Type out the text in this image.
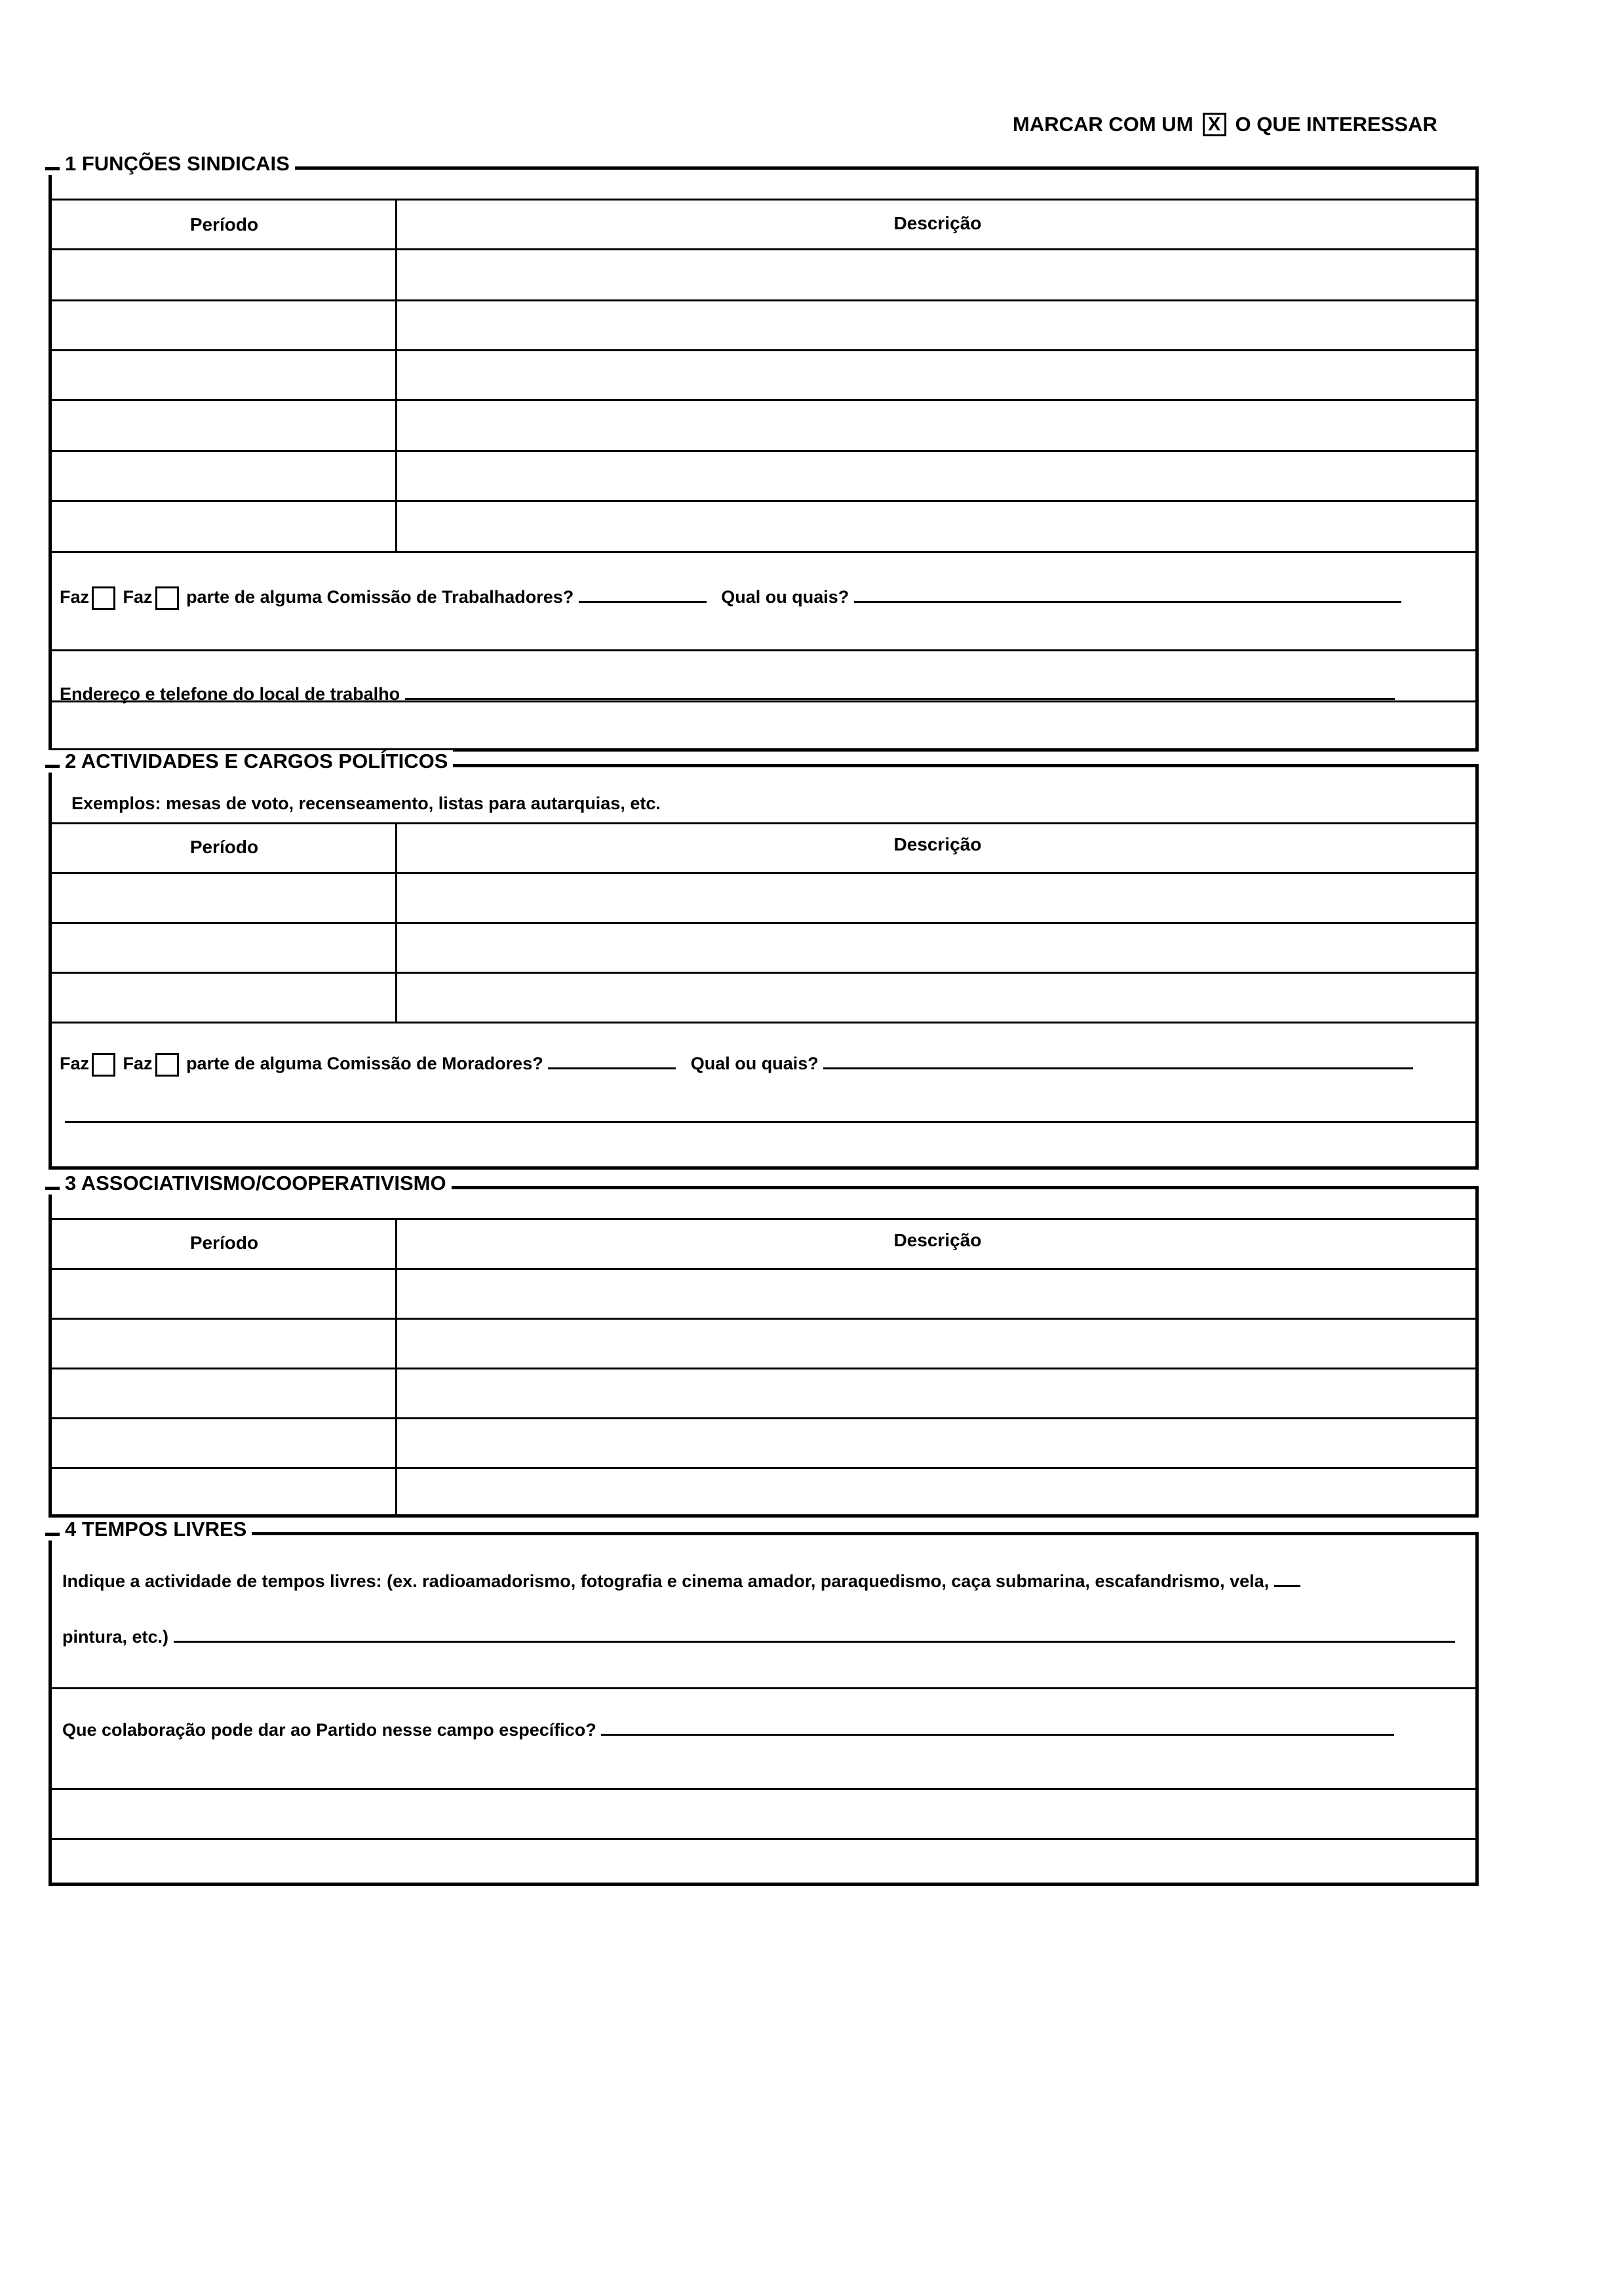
MARCAR COM UM X O QUE INTERESSAR
1 FUNÇÕES SINDICAIS
Período	Descrição
Faz Faz parte de alguma Comissão de Trabalhadores?	Qual ou quais?
Endereço e telefone do local de trabalho
2 ACTIVIDADES E CARGOS POLÍTICOS
Exemplos: mesas de voto, recenseamento, listas para autarquias, etc.
Período	Descrição
Faz Faz parte de alguma Comissão de Moradores?	Qual ou quais?
3 ASSOCIATIVISMO/COOPERATIVISMO
Período	Descrição
4 TEMPOS LIVRES
Indique a actividade de tempos livres: (ex. radioamadorismo, fotografia e cinema amador, paraquedismo, caça submarina, escafandrismo, vela,
pintura, etc.)
Que colaboração pode dar ao Partido nesse campo específico?
